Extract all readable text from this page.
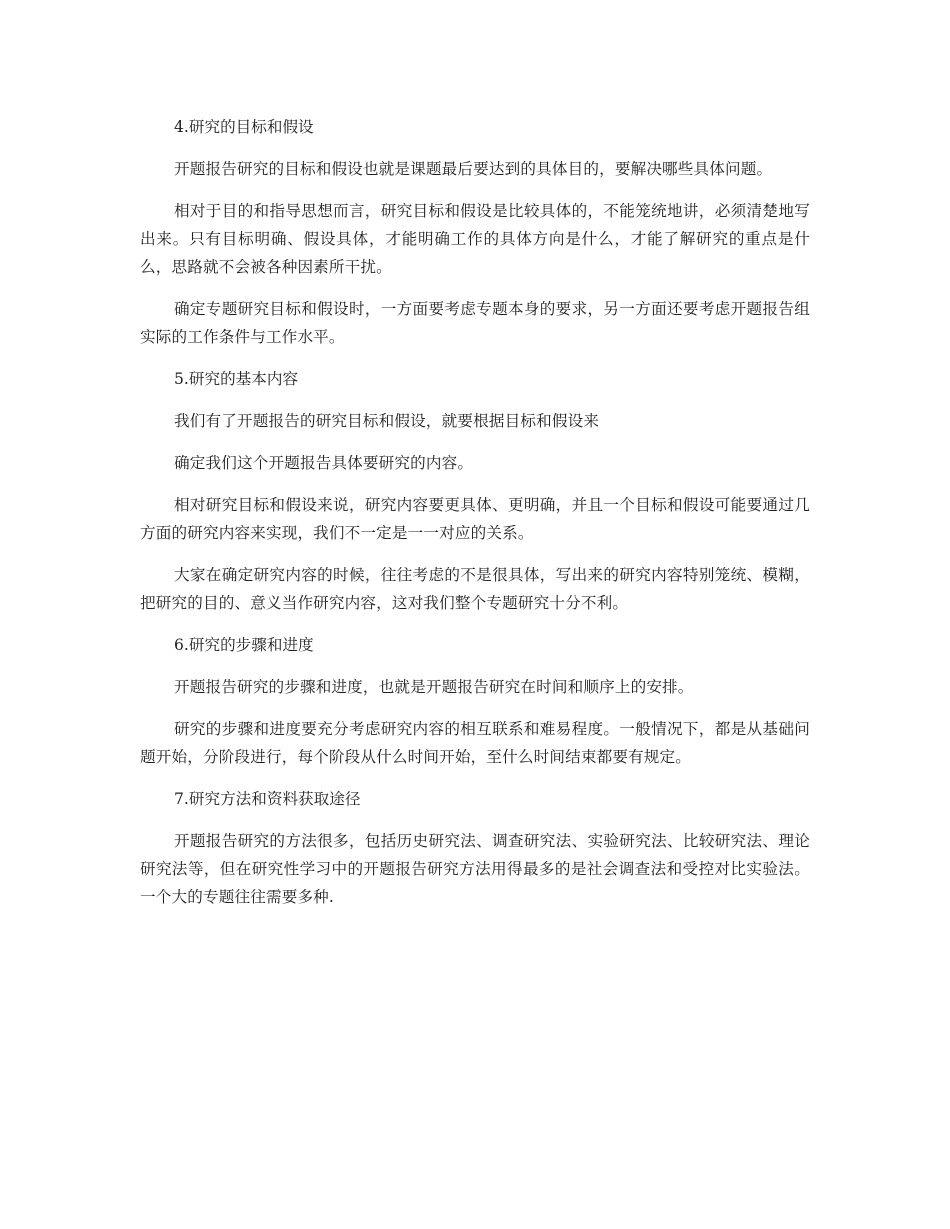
4.研究的目标和假设

开题报告研究的目标和假设也就是课题最后要达到的具体目的，要解决哪些具体问题。

相对于目的和指导思想而言，研究目标和假设是比较具体的，不能笼统地讲，必须清楚地写出来。只有目标明确、假设具体，才能明确工作的具体方向是什么，才能了解研究的重点是什么，思路就不会被各种因素所干扰。

确定专题研究目标和假设时，一方面要考虑专题本身的要求，另一方面还要考虑开题报告组实际的工作条件与工作水平。

5.研究的基本内容

我们有了开题报告的研究目标和假设，就要根据目标和假设来

确定我们这个开题报告具体要研究的内容。

相对研究目标和假设来说，研究内容要更具体、更明确，并且一个目标和假设可能要通过几方面的研究内容来实现，我们不一定是一一对应的关系。

大家在确定研究内容的时候，往往考虑的不是很具体，写出来的研究内容特别笼统、模糊，把研究的目的、意义当作研究内容，这对我们整个专题研究十分不利。

6.研究的步骤和进度

开题报告研究的步骤和进度，也就是开题报告研究在时间和顺序上的安排。

研究的步骤和进度要充分考虑研究内容的相互联系和难易程度。一般情况下，都是从基础问题开始，分阶段进行，每个阶段从什么时间开始，至什么时间结束都要有规定。

7.研究方法和资料获取途径

开题报告研究的方法很多，包括历史研究法、调查研究法、实验研究法、比较研究法、理论研究法等，但在研究性学习中的开题报告研究方法用得最多的是社会调查法和受控对比实验法。一个大的专题往往需要多种.
